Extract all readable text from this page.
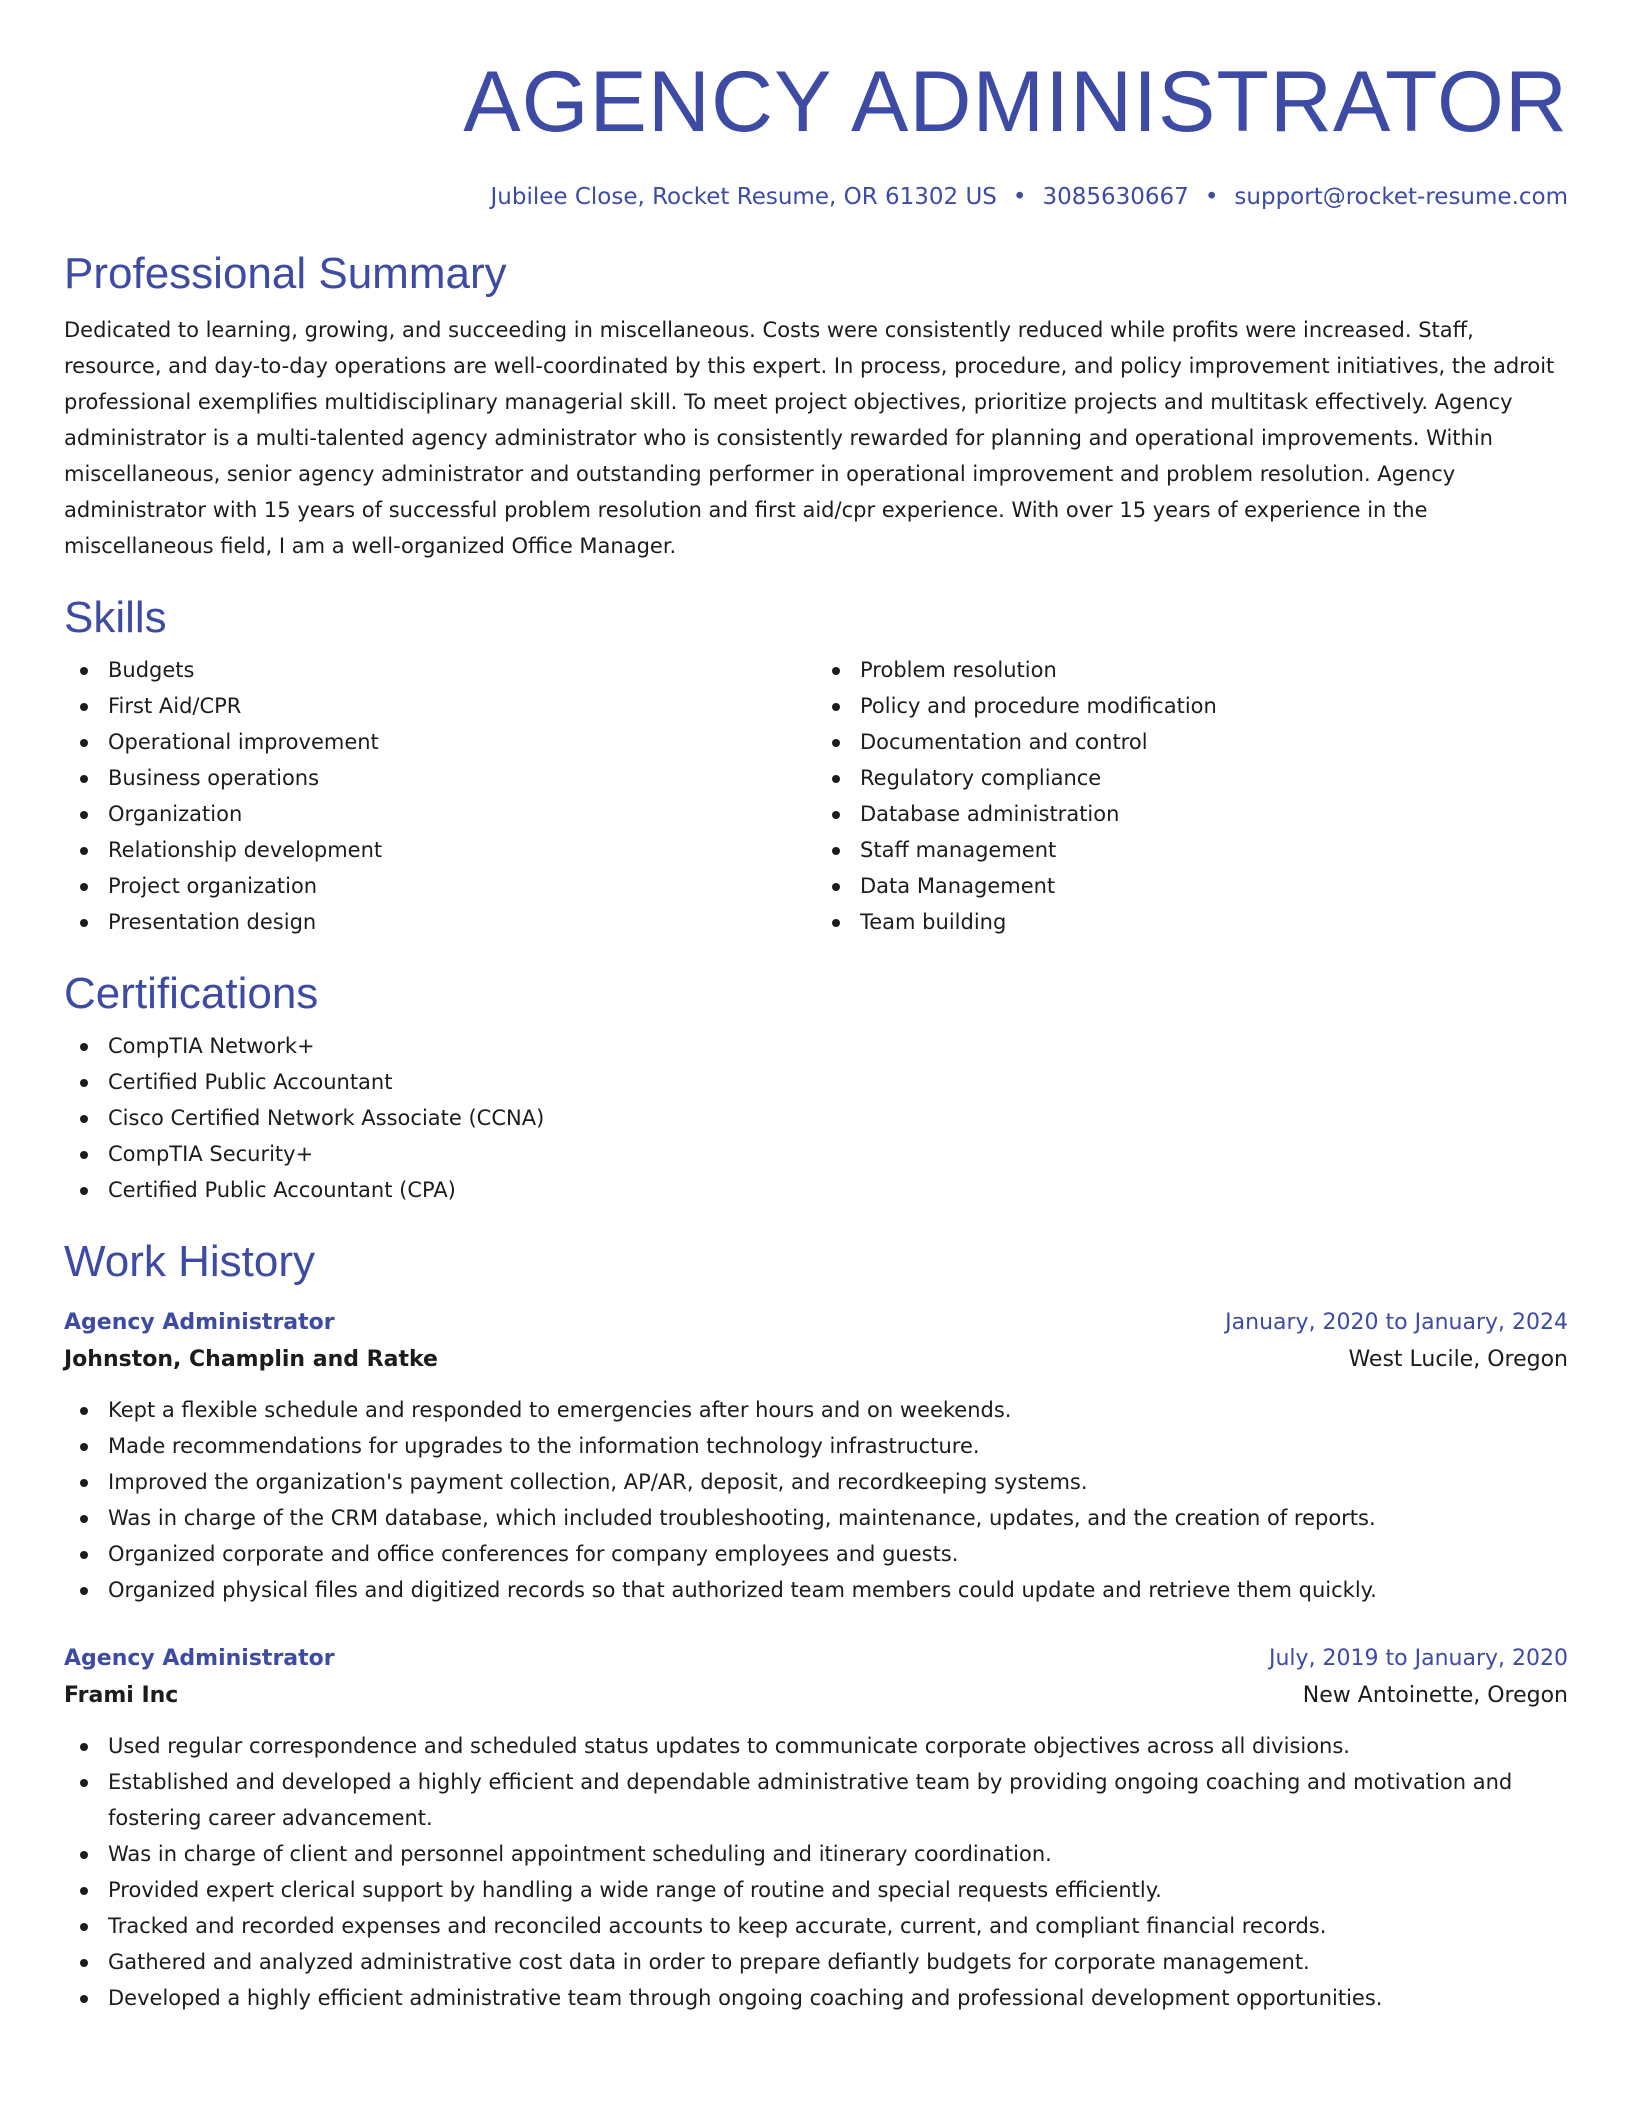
AGENCY ADMINISTRATOR
Jubilee Close, Rocket Resume, OR 61302 US • 3085630667 • support@rocket-resume.com
Professional Summary

Dedicated to learning, growing, and succeeding in miscellaneous. Costs were consistently reduced while profits were increased. Staff, resource, and day-to-day operations are well-coordinated by this expert. In process, procedure, and policy improvement initiatives, the adroit professional exemplifies multidisciplinary managerial skill. To meet project objectives, prioritize projects and multitask effectively. Agency administrator is a multi-talented agency administrator who is consistently rewarded for planning and operational improvements. Within miscellaneous, senior agency administrator and outstanding performer in operational improvement and problem resolution. Agency administrator with 15 years of successful problem resolution and first aid/cpr experience. With over 15 years of experience in the miscellaneous field, I am a well-organized Office Manager.

Skills
Budgets
First Aid/CPR
Operational improvement
Business operations
Organization
Relationship development
Project organization
Presentation design
Problem resolution
Policy and procedure modification
Documentation and control
Regulatory compliance
Database administration
Staff management
Data Management
Team building
Certifications
CompTIA Network+
Certified Public Accountant
Cisco Certified Network Associate (CCNA)
CompTIA Security+
Certified Public Accountant (CPA)
Work History
Agency Administrator	January, 2020 to January, 2024
Johnston, Champlin and Ratke	West Lucile, Oregon
Kept a flexible schedule and responded to emergencies after hours and on weekends.
Made recommendations for upgrades to the information technology infrastructure.
Improved the organization's payment collection, AP/AR, deposit, and recordkeeping systems.
Was in charge of the CRM database, which included troubleshooting, maintenance, updates, and the creation of reports.
Organized corporate and office conferences for company employees and guests.
Organized physical files and digitized records so that authorized team members could update and retrieve them quickly.
Agency Administrator	July, 2019 to January, 2020
Frami Inc	New Antoinette, Oregon
Used regular correspondence and scheduled status updates to communicate corporate objectives across all divisions.
Established and developed a highly efficient and dependable administrative team by providing ongoing coaching and motivation and fostering career advancement.
Was in charge of client and personnel appointment scheduling and itinerary coordination.
Provided expert clerical support by handling a wide range of routine and special requests efficiently.
Tracked and recorded expenses and reconciled accounts to keep accurate, current, and compliant financial records.
Gathered and analyzed administrative cost data in order to prepare defiantly budgets for corporate management.
Developed a highly efficient administrative team through ongoing coaching and professional development opportunities.
